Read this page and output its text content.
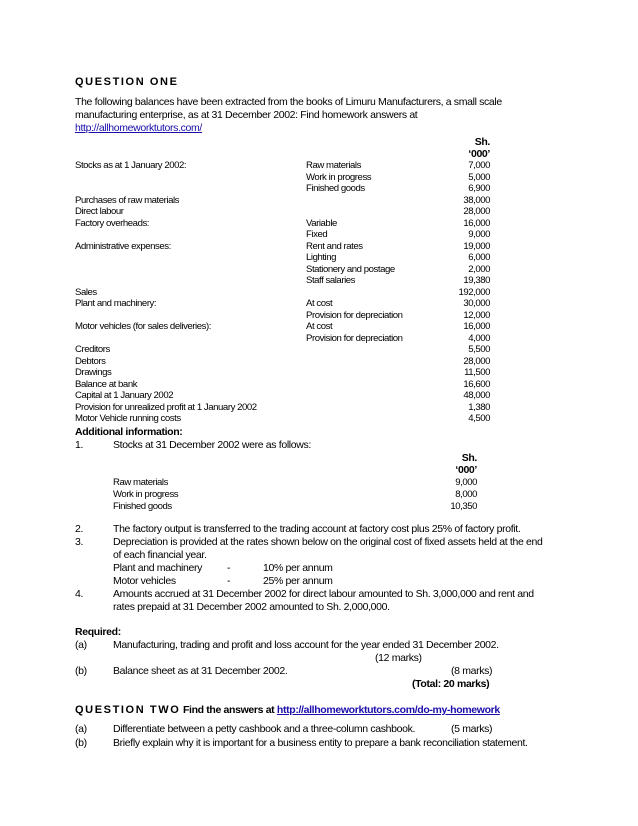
QUESTION ONE
The following balances have been extracted from the books of Limuru Manufacturers, a small scale
manufacturing enterprise, as at 31 December 2002: Find homework answers at
http://allhomeworktutors.com/
Sh.
‘000’
Stocks as at 1 January 2002:	Raw materials	7,000
Work in progress	5,000
Finished goods	6,900
Purchases of raw materials	38,000
Direct labour	28,000
Factory overheads:	Variable	16,000
Fixed	9,000
Administrative expenses:	Rent and rates	19,000
Lighting	6,000
Stationery and postage	2,000
Staff salaries	19,380
Sales	192,000
Plant and machinery:	At cost	30,000
Provision for depreciation	12,000
Motor vehicles (for sales deliveries):	At cost	16,000
Provision for depreciation	4,000
Creditors	5,500
Debtors	28,000
Drawings	11,500
Balance at bank	16,600
Capital at 1 January 2002	48,000
Provision for unrealized profit at 1 January 2002	1,380
Motor Vehicle running costs	4,500
Additional information:
1.	Stocks at 31 December 2002 were as follows:
Sh.
‘000’
Raw materials	9,000
Work in progress	8,000
Finished goods	10,350
2.	The factory output is transferred to the trading account at factory cost plus 25% of factory profit.
3.	Depreciation is provided at the rates shown below on the original cost of fixed assets held at the end
of each financial year.
Plant and machinery -	10% per annum
Motor vehicles	-	25% per annum
4.	Amounts accrued at 31 December 2002 for direct labour amounted to Sh. 3,000,000 and rent and
rates prepaid at 31 December 2002 amounted to Sh. 2,000,000.
Required:
(a) Manufacturing, trading and profit and loss account for the year ended 31 December 2002.
(12 marks)
(b) Balance sheet as at 31 December 2002.	(8 marks)
(Total: 20 marks)
QUESTION TWO Find the answers at http://allhomeworktutors.com/do-my-homework
(a) Differentiate between a petty cashbook and a three-column cashbook.	(5 marks)
(b) Briefly explain why it is important for a business entity to prepare a bank reconciliation statement.
